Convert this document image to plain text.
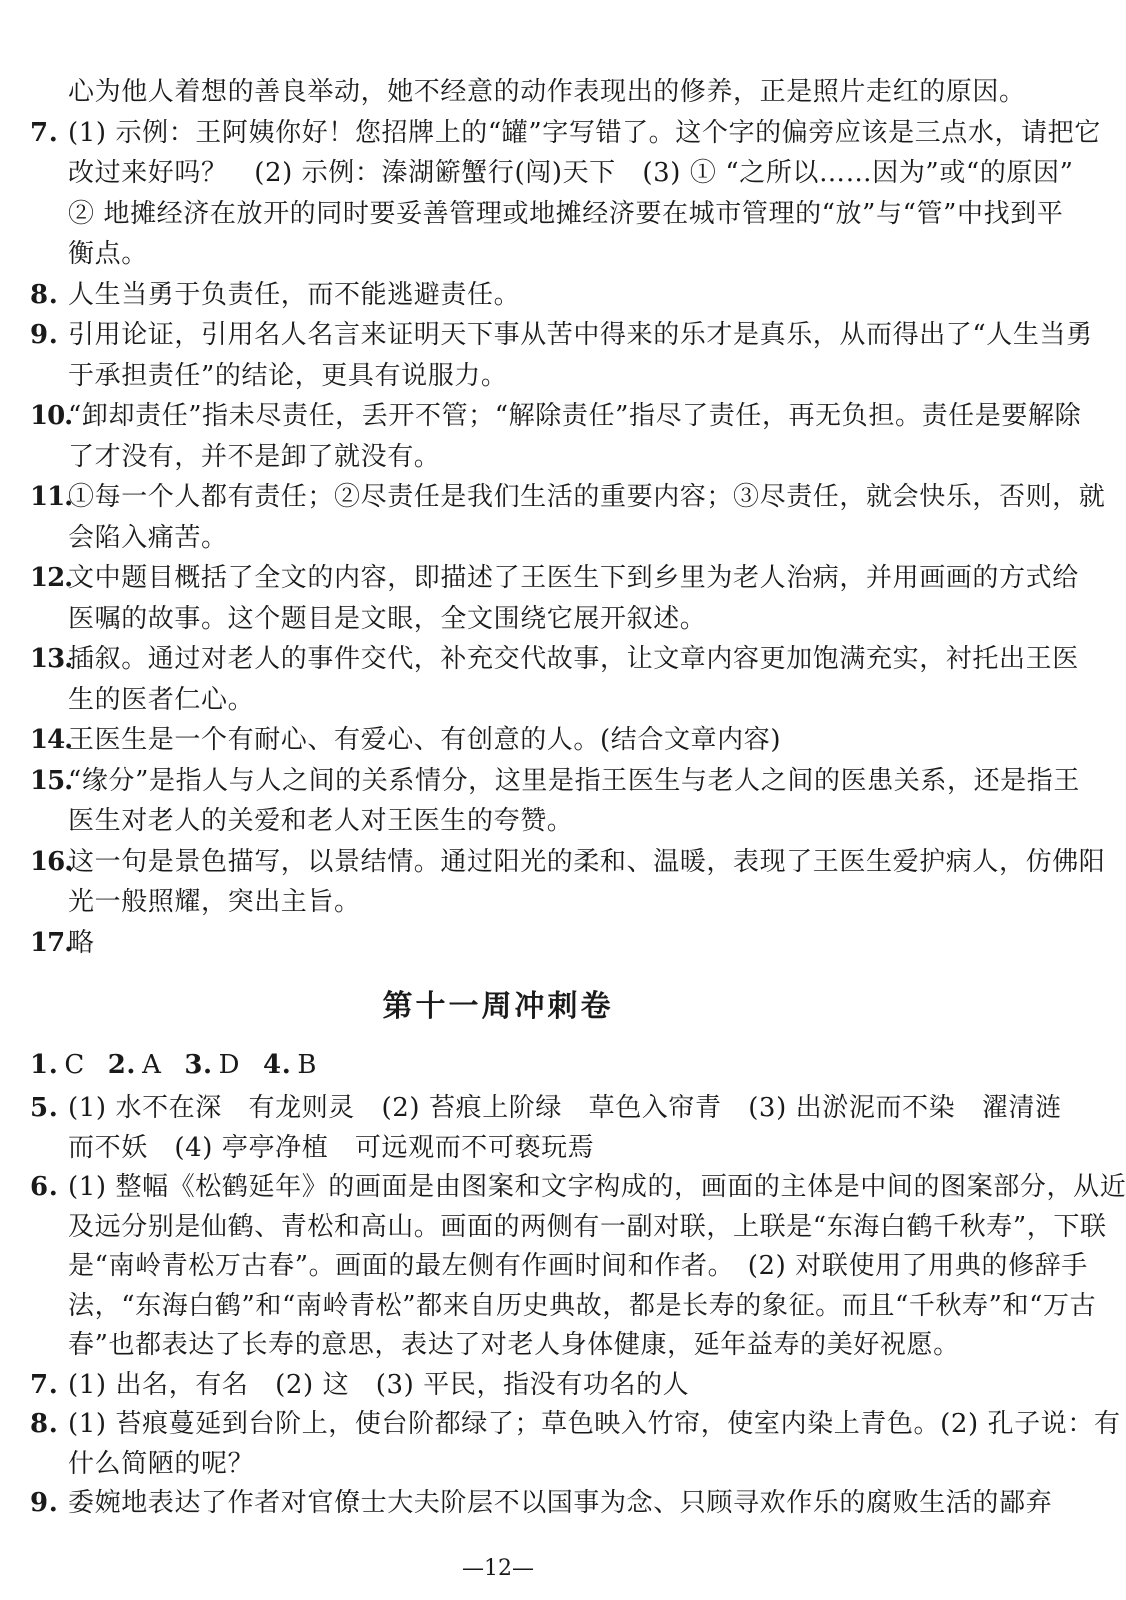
心为他人着想的善良举动，她不经意的动作表现出的修养，正是照片走红的原因。
7. (1) 示例：王阿姨你好！您招牌上的“罐”字写错了。这个字的偏旁应该是三点水，请把它
改过来好吗？　(2) 示例：溱湖簖蟹行(闯)天下　(3) ① “之所以……因为”或“的原因”
② 地摊经济在放开的同时要妥善管理或地摊经济要在城市管理的“放”与“管”中找到平
衡点。
8. 人生当勇于负责任，而不能逃避责任。
9. 引用论证，引用名人名言来证明天下事从苦中得来的乐才是真乐，从而得出了“人生当勇
于承担责任”的结论，更具有说服力。
10.“卸却责任”指未尽责任，丢开不管；“解除责任”指尽了责任，再无负担。责任是要解除
了才没有，并不是卸了就没有。
11.①每一个人都有责任；②尽责任是我们生活的重要内容；③尽责任，就会快乐，否则，就
会陷入痛苦。
12.文中题目概括了全文的内容，即描述了王医生下到乡里为老人治病，并用画画的方式给
医嘱的故事。这个题目是文眼，全文围绕它展开叙述。
13.插叙。通过对老人的事件交代，补充交代故事，让文章内容更加饱满充实，衬托出王医
生的医者仁心。
14.王医生是一个有耐心、有爱心、有创意的人。(结合文章内容)
15.“缘分”是指人与人之间的关系情分，这里是指王医生与老人之间的医患关系，还是指王
医生对老人的关爱和老人对王医生的夸赞。
16.这一句是景色描写，以景结情。通过阳光的柔和、温暖，表现了王医生爱护病人，仿佛阳
光一般照耀，突出主旨。
17.略
第十一周冲刺卷
1. C 2. A 3. D 4. B
5. (1) 水不在深　有龙则灵　(2) 苔痕上阶绿　草色入帘青　(3) 出淤泥而不染　濯清涟
而不妖　(4) 亭亭净植　可远观而不可亵玩焉
6. (1) 整幅《松鹤延年》的画面是由图案和文字构成的，画面的主体是中间的图案部分，从近
及远分别是仙鹤、青松和高山。画面的两侧有一副对联，上联是“东海白鹤千秋寿”，下联
是“南岭青松万古春”。画面的最左侧有作画时间和作者。　(2) 对联使用了用典的修辞手
法，“东海白鹤”和“南岭青松”都来自历史典故，都是长寿的象征。而且“千秋寿”和“万古
春”也都表达了长寿的意思，表达了对老人身体健康，延年益寿的美好祝愿。
7. (1) 出名，有名　(2) 这　(3) 平民，指没有功名的人
8. (1) 苔痕蔓延到台阶上，使台阶都绿了；草色映入竹帘，使室内染上青色。(2) 孔子说：有
什么简陋的呢？
9. 委婉地表达了作者对官僚士大夫阶层不以国事为念、只顾寻欢作乐的腐败生活的鄙弃
—12—
